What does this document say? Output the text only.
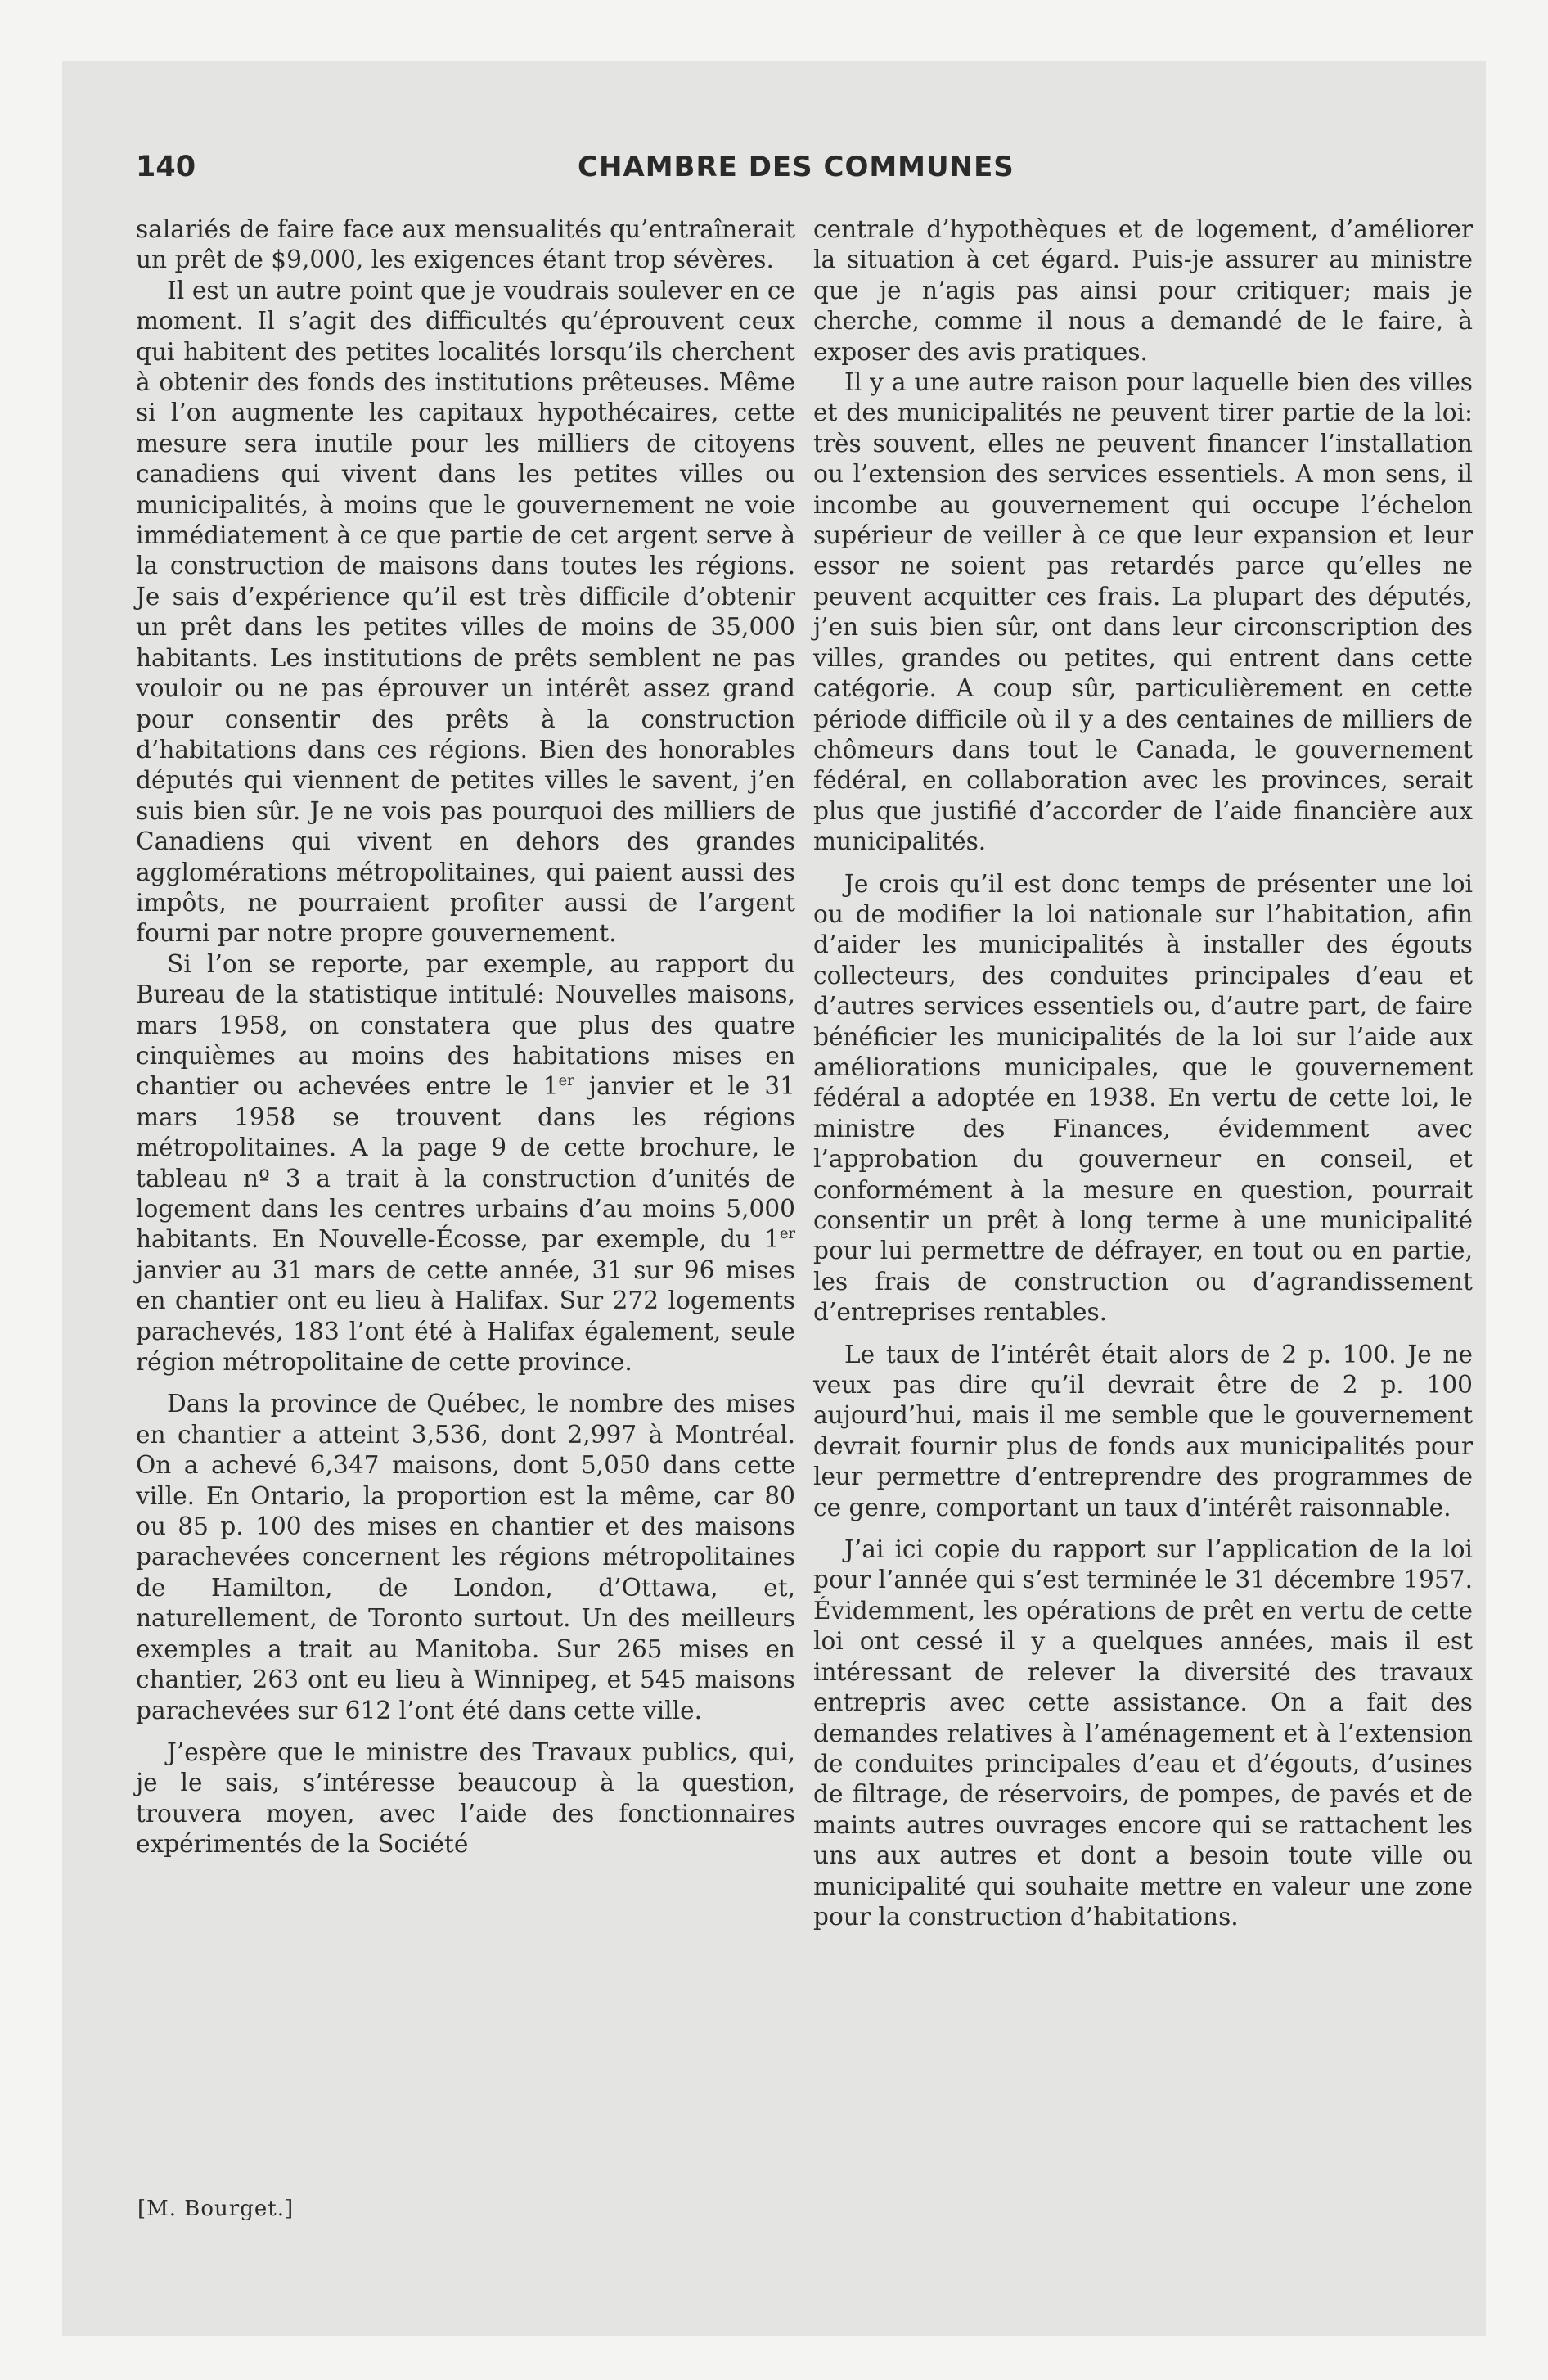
140	CHAMBRE DES COMMUNES

salariés de faire face aux mensualités qu’entraînerait un prêt de $9,000, les exigences étant trop sévères.

Il est un autre point que je voudrais soulever en ce moment. Il s’agit des difficultés qu’éprouvent ceux qui habitent des petites localités lorsqu’ils cherchent à obtenir des fonds des institutions prêteuses. Même si l’on augmente les capitaux hypothécaires, cette mesure sera inutile pour les milliers de citoyens canadiens qui vivent dans les petites villes ou municipalités, à moins que le gouvernement ne voie immédiatement à ce que partie de cet argent serve à la construction de maisons dans toutes les régions. Je sais d’expérience qu’il est très difficile d’obtenir un prêt dans les petites villes de moins de 35,000 habitants. Les institutions de prêts semblent ne pas vouloir ou ne pas éprouver un intérêt assez grand pour consentir des prêts à la construction d’habitations dans ces régions. Bien des honorables députés qui viennent de petites villes le savent, j’en suis bien sûr. Je ne vois pas pourquoi des milliers de Canadiens qui vivent en dehors des grandes agglomérations métropolitaines, qui paient aussi des impôts, ne pourraient profiter aussi de l’argent fourni par notre propre gouvernement.

Si l’on se reporte, par exemple, au rapport du Bureau de la statistique intitulé: Nouvelles maisons, mars 1958, on constatera que plus des quatre cinquièmes au moins des habitations mises en chantier ou achevées entre le 1er janvier et le 31 mars 1958 se trouvent dans les régions métropolitaines. A la page 9 de cette brochure, le tableau nº 3 a trait à la construction d’unités de logement dans les centres urbains d’au moins 5,000 habitants. En Nouvelle-Écosse, par exemple, du 1er janvier au 31 mars de cette année, 31 sur 96 mises en chantier ont eu lieu à Halifax. Sur 272 logements parachevés, 183 l’ont été à Halifax également, seule région métropolitaine de cette province.

Dans la province de Québec, le nombre des mises en chantier a atteint 3,536, dont 2,997 à Montréal. On a achevé 6,347 maisons, dont 5,050 dans cette ville. En Ontario, la proportion est la même, car 80 ou 85 p. 100 des mises en chantier et des maisons parachevées concernent les régions métropolitaines de Hamilton, de London, d’Ottawa, et, naturellement, de Toronto surtout. Un des meilleurs exemples a trait au Manitoba. Sur 265 mises en chantier, 263 ont eu lieu à Winnipeg, et 545 maisons parachevées sur 612 l’ont été dans cette ville.

J’espère que le ministre des Travaux publics, qui, je le sais, s’intéresse beaucoup à la question, trouvera moyen, avec l’aide des fonctionnaires expérimentés de la Société

centrale d’hypothèques et de logement, d’améliorer la situation à cet égard. Puis-je assurer au ministre que je n’agis pas ainsi pour critiquer; mais je cherche, comme il nous a demandé de le faire, à exposer des avis pratiques.

Il y a une autre raison pour laquelle bien des villes et des municipalités ne peuvent tirer partie de la loi: très souvent, elles ne peuvent financer l’installation ou l’extension des services essentiels. A mon sens, il incombe au gouvernement qui occupe l’échelon supérieur de veiller à ce que leur expansion et leur essor ne soient pas retardés parce qu’elles ne peuvent acquitter ces frais. La plupart des députés, j’en suis bien sûr, ont dans leur circonscription des villes, grandes ou petites, qui entrent dans cette catégorie. A coup sûr, particulièrement en cette période difficile où il y a des centaines de milliers de chômeurs dans tout le Canada, le gouvernement fédéral, en collaboration avec les provinces, serait plus que justifié d’accorder de l’aide financière aux municipalités.

Je crois qu’il est donc temps de présenter une loi ou de modifier la loi nationale sur l’habitation, afin d’aider les municipalités à installer des égouts collecteurs, des conduites principales d’eau et d’autres services essentiels ou, d’autre part, de faire bénéficier les municipalités de la loi sur l’aide aux améliorations municipales, que le gouvernement fédéral a adoptée en 1938. En vertu de cette loi, le ministre des Finances, évidemment avec l’approbation du gouverneur en conseil, et conformément à la mesure en question, pourrait consentir un prêt à long terme à une municipalité pour lui permettre de défrayer, en tout ou en partie, les frais de construction ou d’agrandissement d’entreprises rentables.

Le taux de l’intérêt était alors de 2 p. 100. Je ne veux pas dire qu’il devrait être de 2 p. 100 aujourd’hui, mais il me semble que le gouvernement devrait fournir plus de fonds aux municipalités pour leur permettre d’entreprendre des programmes de ce genre, comportant un taux d’intérêt raisonnable.

J’ai ici copie du rapport sur l’application de la loi pour l’année qui s’est terminée le 31 décembre 1957. Évidemment, les opérations de prêt en vertu de cette loi ont cessé il y a quelques années, mais il est intéressant de relever la diversité des travaux entrepris avec cette assistance. On a fait des demandes relatives à l’aménagement et à l’extension de conduites principales d’eau et d’égouts, d’usines de filtrage, de réservoirs, de pompes, de pavés et de maints autres ouvrages encore qui se rattachent les uns aux autres et dont a besoin toute ville ou municipalité qui souhaite mettre en valeur une zone pour la construction d’habitations.

[M. Bourget.]
